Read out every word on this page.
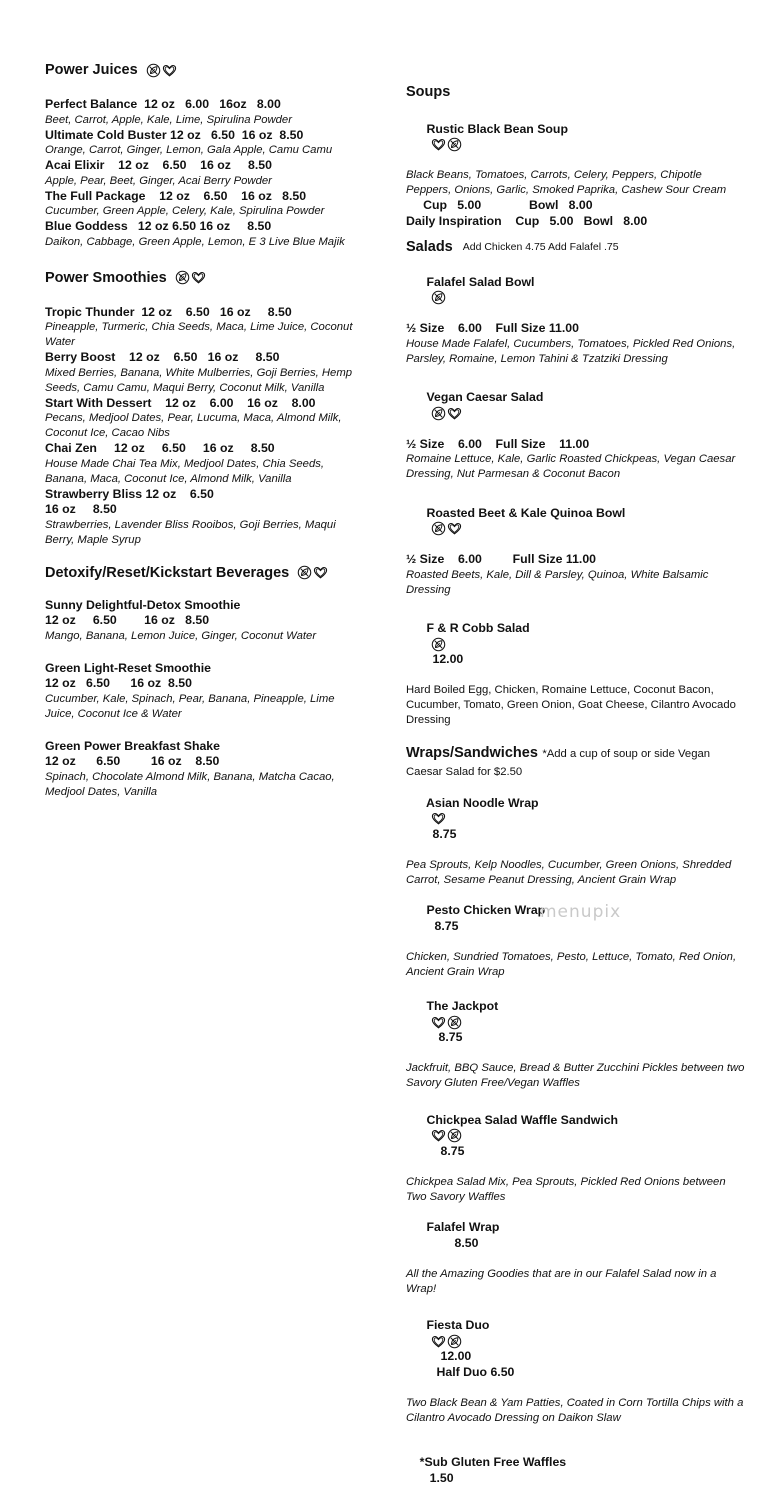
Power Juices
Perfect Balance  12 oz   6.00   16oz   8.00
Beet, Carrot, Apple, Kale, Lime, Spirulina Powder
Ultimate Cold Buster 12 oz   6.50  16 oz  8.50
Orange, Carrot, Ginger, Lemon, Gala Apple, Camu Camu
Acai Elixir    12 oz    6.50    16 oz     8.50
Apple, Pear, Beet, Ginger, Acai Berry Powder
The Full Package    12 oz    6.50    16 oz   8.50
Cucumber, Green Apple, Celery, Kale, Spirulina Powder
Blue Goddess   12 oz 6.50 16 oz     8.50
Daikon, Cabbage, Green Apple, Lemon, E 3 Live Blue Majik
Power Smoothies
Tropic Thunder  12 oz    6.50   16 oz     8.50
Pineapple, Turmeric, Chia Seeds, Maca, Lime Juice, Coconut Water
Berry Boost    12 oz    6.50   16 oz     8.50
Mixed Berries, Banana, White Mulberries, Goji Berries, Hemp Seeds, Camu Camu, Maqui Berry, Coconut Milk, Vanilla
Start With Dessert    12 oz    6.00    16 oz    8.00
Pecans, Medjool Dates, Pear, Lucuma, Maca, Almond Milk, Coconut Ice, Cacao Nibs
Chai Zen     12 oz     6.50     16 oz     8.50
House Made Chai Tea Mix, Medjool Dates, Chia Seeds, Banana, Maca, Coconut Ice, Almond Milk, Vanilla
Strawberry Bliss 12 oz    6.50
16 oz     8.50
Strawberries, Lavender Bliss Rooibos, Goji Berries, Maqui Berry, Maple Syrup
Detoxify/Reset/Kickstart Beverages
Sunny Delightful-Detox Smoothie
12 oz     6.50        16 oz   8.50
Mango, Banana, Lemon Juice, Ginger, Coconut Water
Green Light-Reset Smoothie
12 oz   6.50      16 oz  8.50
Cucumber, Kale, Spinach, Pear, Banana, Pineapple, Lime Juice, Coconut Ice & Water
Green Power Breakfast Shake
12 oz      6.50         16 oz    8.50
Spinach, Chocolate Almond Milk, Banana, Matcha Cacao, Medjool Dates, Vanilla
Soups

Rustic Black Bean Soup

Black Beans, Tomatoes, Carrots, Celery, Peppers, Chipotle Peppers, Onions, Garlic, Smoked Paprika, Cashew Sour Cream
Cup   5.00              Bowl   8.00
Daily Inspiration    Cup   5.00   Bowl   8.00
Salads Add Chicken 4.75 Add Falafel .75

Falafel Salad Bowl

½ Size    6.00    Full Size 11.00
House Made Falafel, Cucumbers, Tomatoes, Pickled Red Onions, Parsley, Romaine, Lemon Tahini & Tzatziki Dressing

Vegan Caesar Salad

½ Size    6.00    Full Size    11.00
Romaine Lettuce, Kale, Garlic Roasted Chickpeas, Vegan Caesar Dressing, Nut Parmesan & Coconut Bacon

Roasted Beet & Kale Quinoa Bowl

½ Size    6.00         Full Size 11.00
Roasted Beets, Kale, Dill & Parsley, Quinoa, White Balsamic Dressing

F & R Cobb Salad

12.00

Hard Boiled Egg, Chicken, Romaine Lettuce, Coconut Bacon, Cucumber, Tomato, Green Onion, Goat Cheese, Cilantro Avocado Dressing
Wraps/Sandwiches *Add a cup of soup or side Vegan Caesar Salad for $2.50

Asian Noodle Wrap

8.75

Pea Sprouts, Kelp Noodles, Cucumber, Green Onions, Shredded Carrot, Sesame Peanut Dressing, Ancient Grain Wrap

Pesto Chicken Wrap
8.75

Chicken, Sundried Tomatoes, Pesto, Lettuce, Tomato, Red Onion, Ancient Grain Wrap

The Jackpot

8.75

Jackfruit, BBQ Sauce, Bread & Butter Zucchini Pickles between two Savory Gluten Free/Vegan Waffles

Chickpea Salad Waffle Sandwich

8.75

Chickpea Salad Mix, Pea Sprouts, Pickled Red Onions between Two Savory Waffles

Falafel Wrap
8.50

All the Amazing Goodies that are in our Falafel Salad now in a Wrap!

Fiesta Duo

12.00
Half Duo 6.50

Two Black Bean & Yam Patties, Coated in Corn Tortilla Chips with a Cilantro Avocado Dressing on Daikon Slaw

*Sub Gluten Free Waffles
1.50

menupix
